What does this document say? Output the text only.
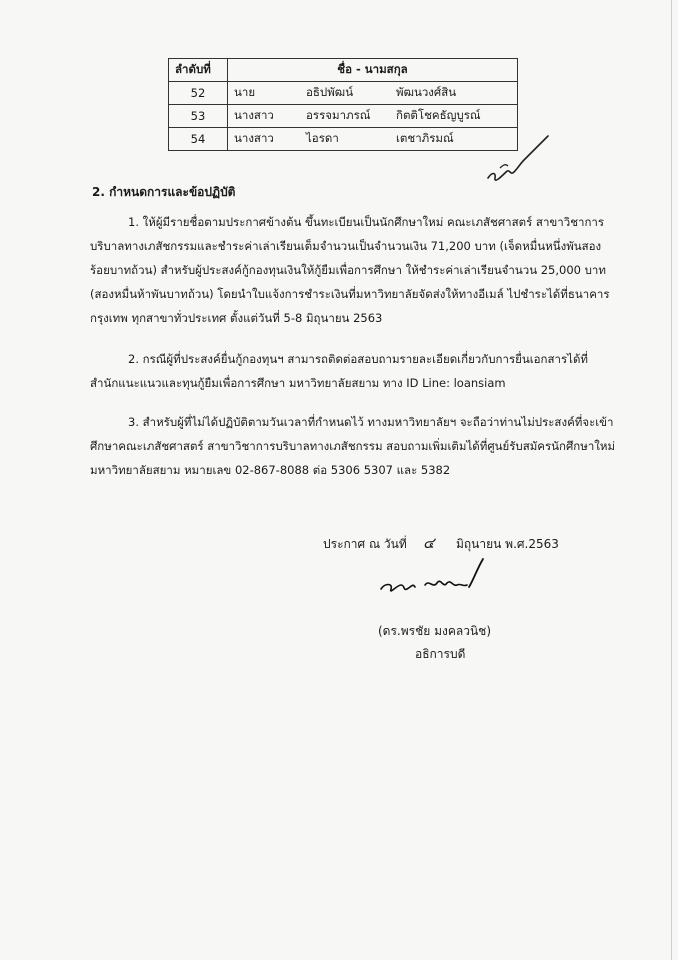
ลำดับที่	ชื่อ - นามสกุล		
52	นาย	อธิปพัฒน์	พัฒนวงศ์สิน
53	นางสาว	อรรจมาภรณ์	กิตติโชคธัญบูรณ์
54	นางสาว	ไอรดา	เตชาภิรมณ์
2. กำหนดการและข้อปฏิบัติ
1. ให้ผู้มีรายชื่อตามประกาศข้างต้น ขึ้นทะเบียนเป็นนักศึกษาใหม่ คณะเภสัชศาสตร์ สาขาวิชาการ
บริบาลทางเภสัชกรรมและชำระค่าเล่าเรียนเต็มจำนวนเป็นจำนวนเงิน 71,200 บาท (เจ็ดหมื่นหนึ่งพันสอง
ร้อยบาทถ้วน) สำหรับผู้ประสงค์กู้กองทุนเงินให้กู้ยืมเพื่อการศึกษา ให้ชำระค่าเล่าเรียนจำนวน 25,000 บาท
(สองหมื่นห้าพันบาทถ้วน) โดยนำใบแจ้งการชำระเงินที่มหาวิทยาลัยจัดส่งให้ทางอีเมล์ ไปชำระได้ที่ธนาคาร
กรุงเทพ ทุกสาขาทั่วประเทศ ตั้งแต่วันที่ 5-8 มิถุนายน 2563
2. กรณีผู้ที่ประสงค์ยื่นกู้กองทุนฯ สามารถติดต่อสอบถามรายละเอียดเกี่ยวกับการยื่นเอกสารได้ที่
สำนักแนะแนวและทุนกู้ยืมเพื่อการศึกษา มหาวิทยาลัยสยาม ทาง ID Line: loansiam
3. สำหรับผู้ที่ไม่ได้ปฏิบัติตามวันเวลาที่กำหนดไว้ ทางมหาวิทยาลัยฯ จะถือว่าท่านไม่ประสงค์ที่จะเข้า
ศึกษาคณะเภสัชศาสตร์ สาขาวิชาการบริบาลทางเภสัชกรรม สอบถามเพิ่มเติมได้ที่ศูนย์รับสมัครนักศึกษาใหม่
มหาวิทยาลัยสยาม หมายเลข 02-867-8088 ต่อ 5306 5307 และ 5382
ประกาศ ณ วันที่ ๔ มิถุนายน พ.ศ.2563
(ดร.พรชัย มงคลวนิช)
อธิการบดี
